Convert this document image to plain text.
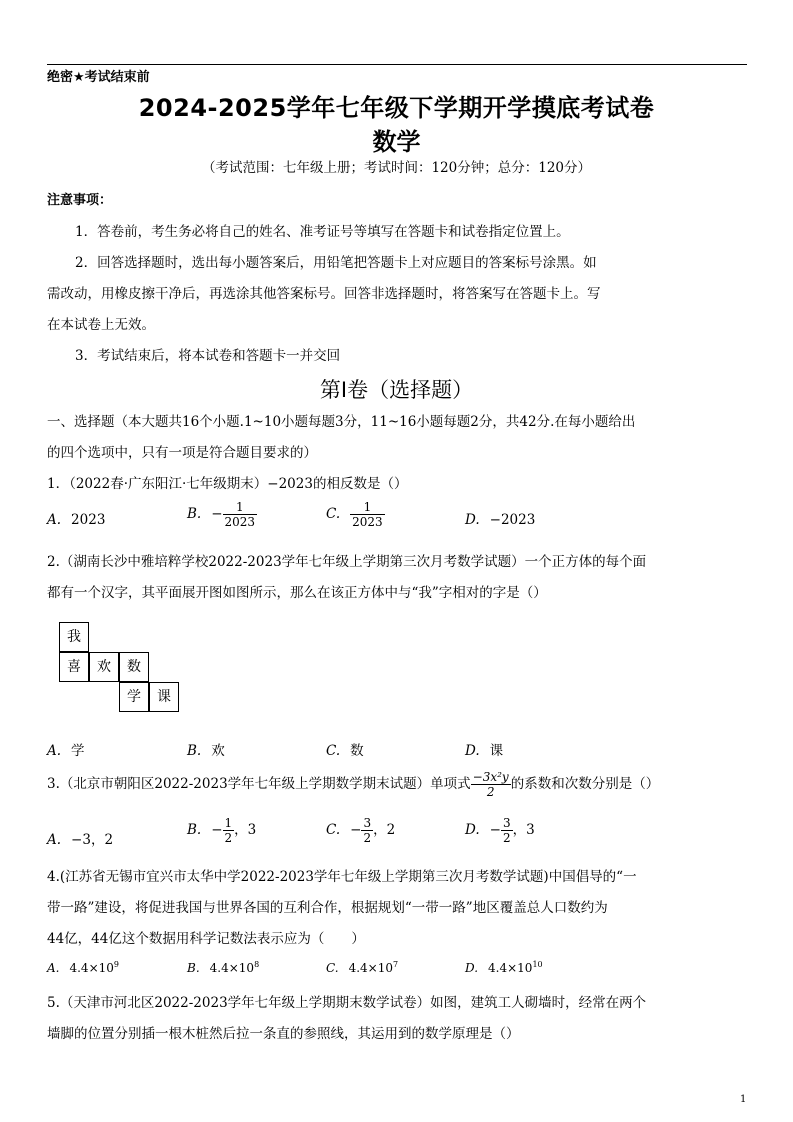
绝密★考试结束前
2024-2025学年七年级下学期开学摸底考试卷
数学
（考试范围：七年级上册；考试时间：120分钟；总分：120分）
注意事项：
1．答卷前，考生务必将自己的姓名、准考证号等填写在答题卡和试卷指定位置上。
2．回答选择题时，选出每小题答案后，用铅笔把答题卡上对应题目的答案标号涂黑。如
需改动，用橡皮擦干净后，再选涂其他答案标号。回答非选择题时，将答案写在答题卡上。写
在本试卷上无效。
3．考试结束后，将本试卷和答题卡一并交回
第Ⅰ卷（选择题）
一、选择题（本大题共16个小题.1~10小题每题3分，11~16小题每题2分，共42分.在每小题给出
的四个选项中，只有一项是符合题目要求的）
1．（2022春·广东阳江·七年级期末）−2023的相反数是（）
A. 2023	B. − $\frac{1}{2023}$	C. $\frac{1}{2023}$	D. −2023
2.（湖南长沙中雅培粹学校2022-2023学年七年级上学期第三次月考数学试题）一个正方体的每个面
都有一个汉字，其平面展开图如图所示，那么在该正方体中与“我”字相对的字是（）
我
喜	欢	数
学	课
A. 学	B. 欢	C. 数	D. 课
3.（北京市朝阳区2022-2023学年七年级上学期数学期末试题）单项式 $\frac{\text{−3x²y}}{2}$ 的系数和次数分别是（）
A. −3，2
B. − $\frac{1}{2}$ ，3	C. − $\frac{3}{2}$ ，2	D. − $\frac{3}{2}$ ，3
4.(江苏省无锡市宜兴市太华中学2022-2023学年七年级上学期第三次月考数学试题)中国倡导的“一
带一路”建设，将促进我国与世界各国的互利合作，根据规划“一带一路”地区覆盖总人口数约为
44亿，44亿这个数据用科学记数法表示应为（　　）
A. $4.4\times 10^9$	B. $4.4\times 10^8$	C. $4.4\times 10^7$	D. $4.4\times 10^{10}$
5.（天津市河北区2022-2023学年七年级上学期期末数学试卷）如图，建筑工人砌墙时，经常在两个
墙脚的位置分别插一根木桩然后拉一条直的参照线，其运用到的数学原理是（）
1
